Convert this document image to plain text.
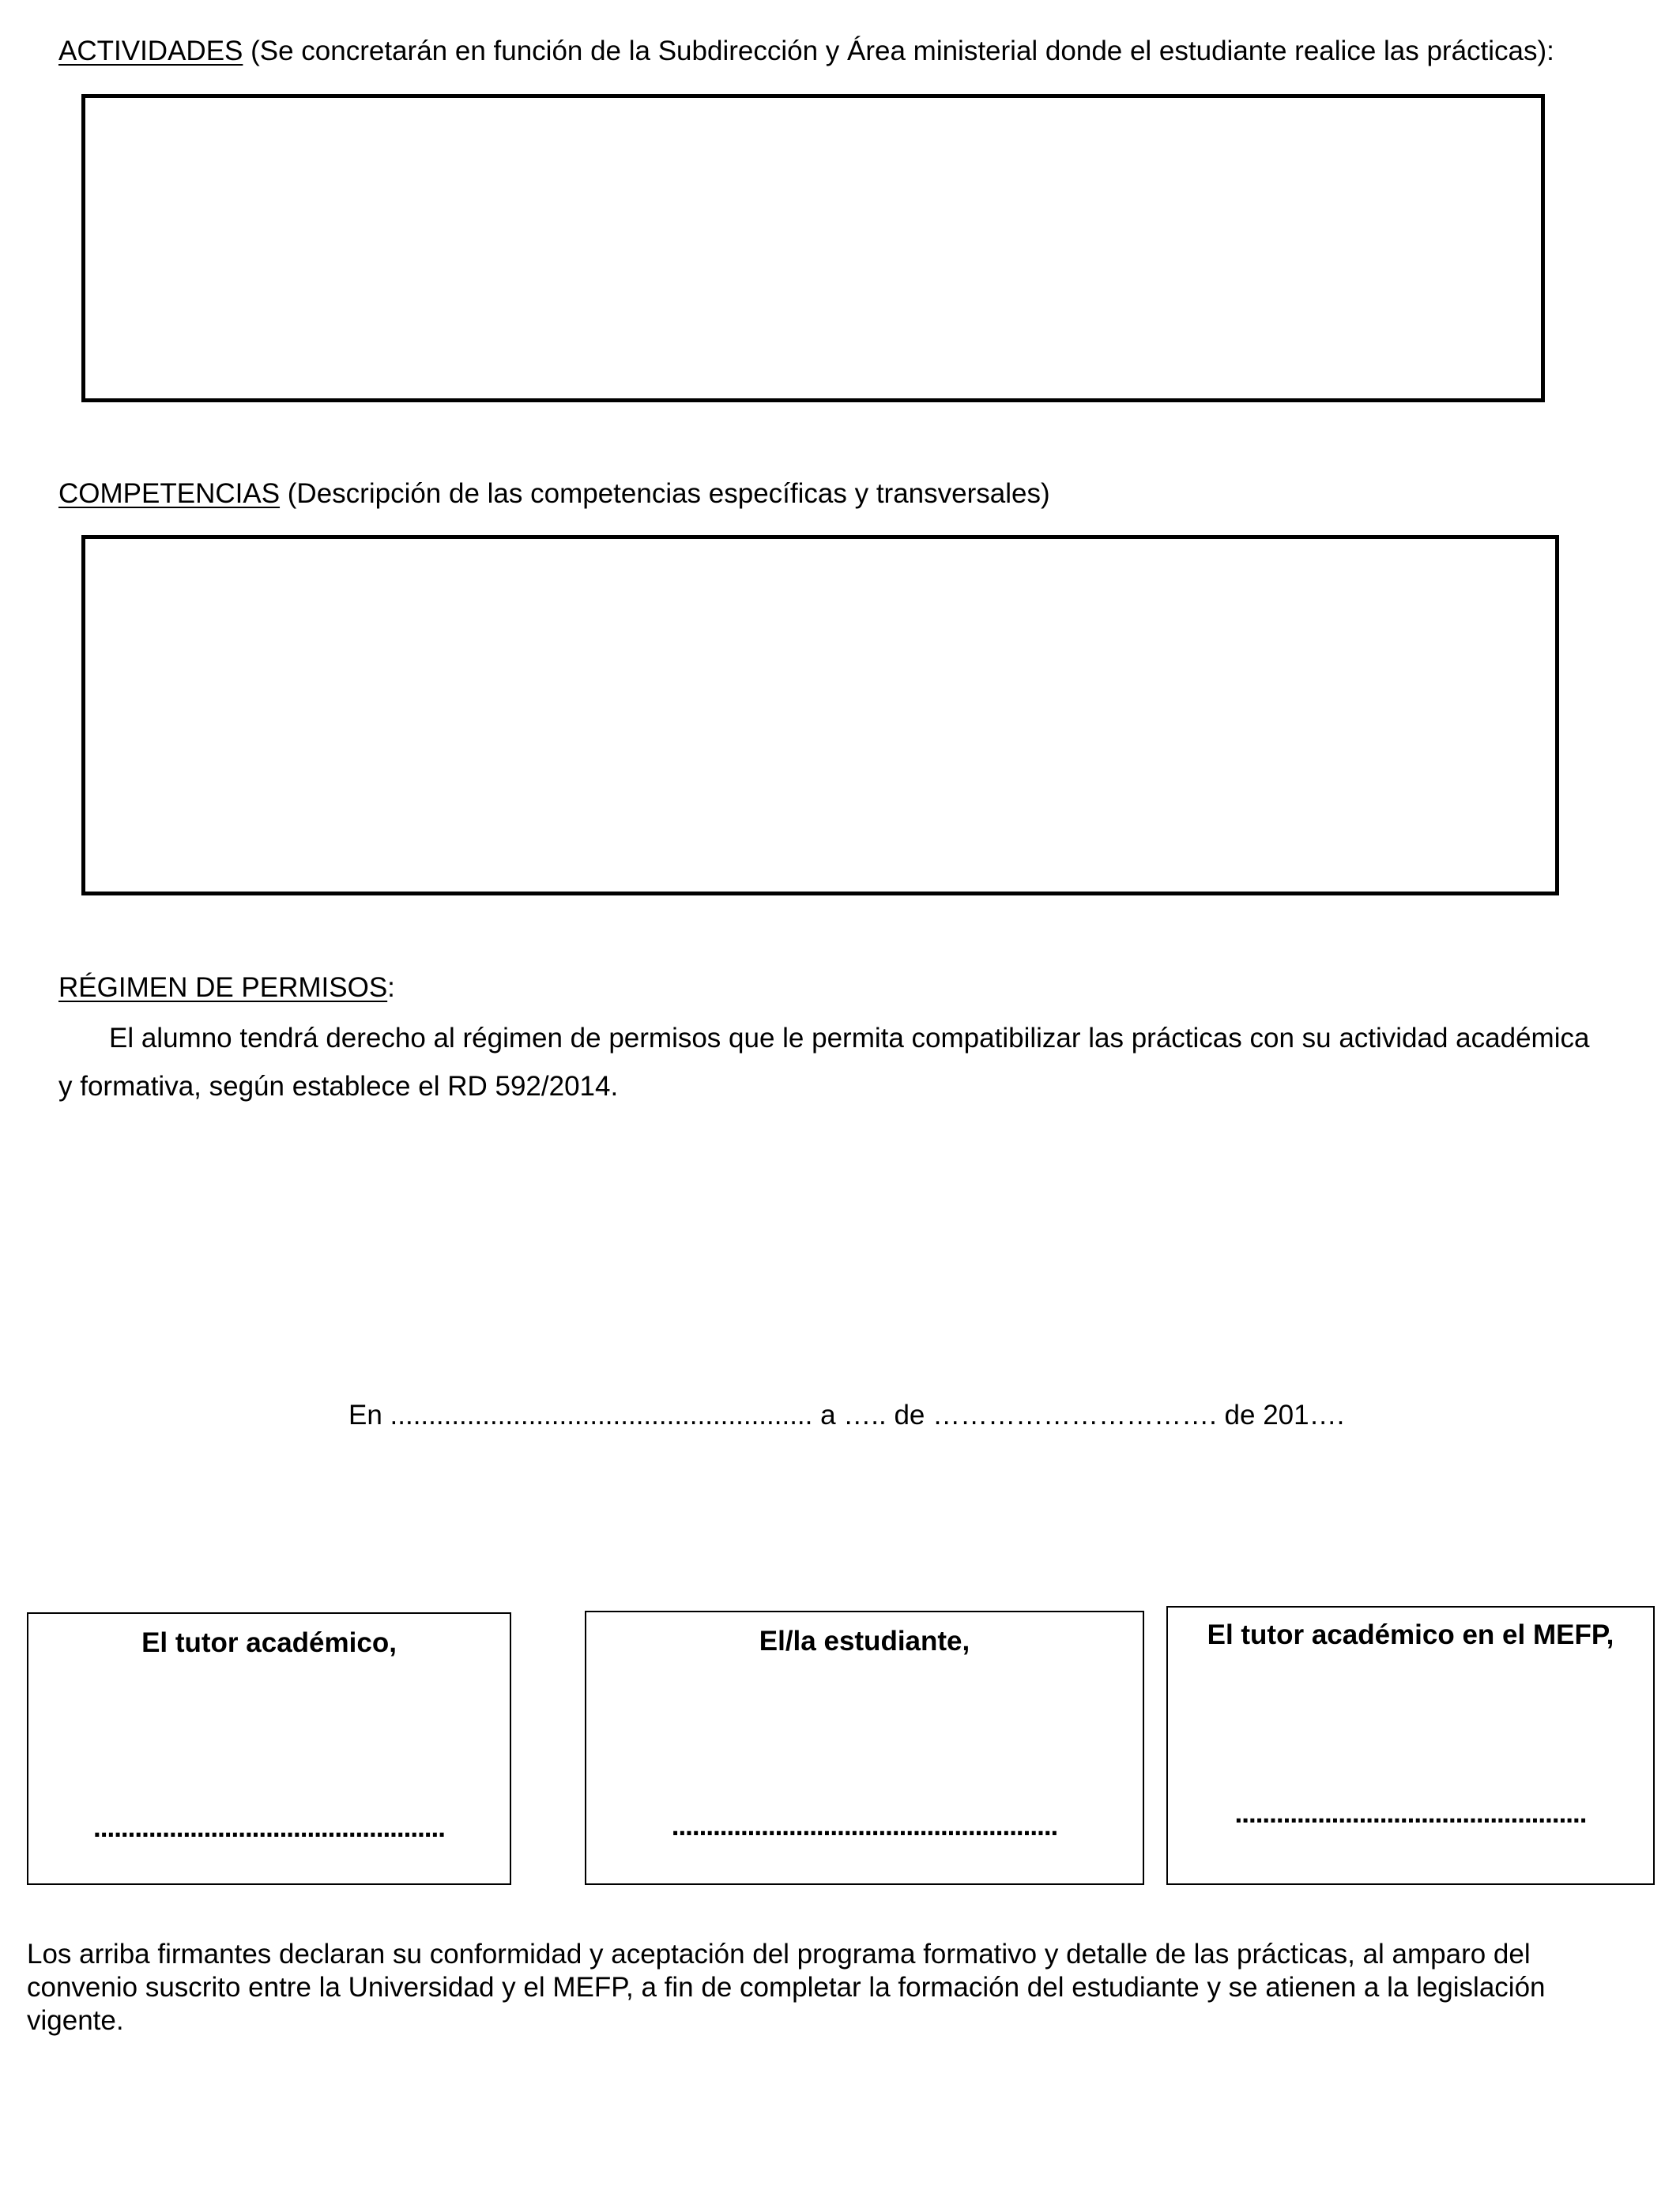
ACTIVIDADES (Se concretarán en función de la Subdirección y Área ministerial donde el estudiante realice las prácticas):
COMPETENCIAS (Descripción de las competencias específicas y transversales)
RÉGIMEN DE PERMISOS:
El alumno tendrá derecho al régimen de permisos que le permita compatibilizar las prácticas con su actividad académica
y formativa, según establece el RD 592/2014.
En ....................................................... a ….. de …………………………. de 201….
El tutor académico,
...................................................
El/la estudiante,
........................................................
El tutor académico en el MEFP,
...................................................
Los arriba firmantes declaran su conformidad y aceptación del programa formativo y detalle de las prácticas, al amparo del
convenio suscrito entre la Universidad y el MEFP, a fin de completar la formación del estudiante y se atienen a la legislación
vigente.
